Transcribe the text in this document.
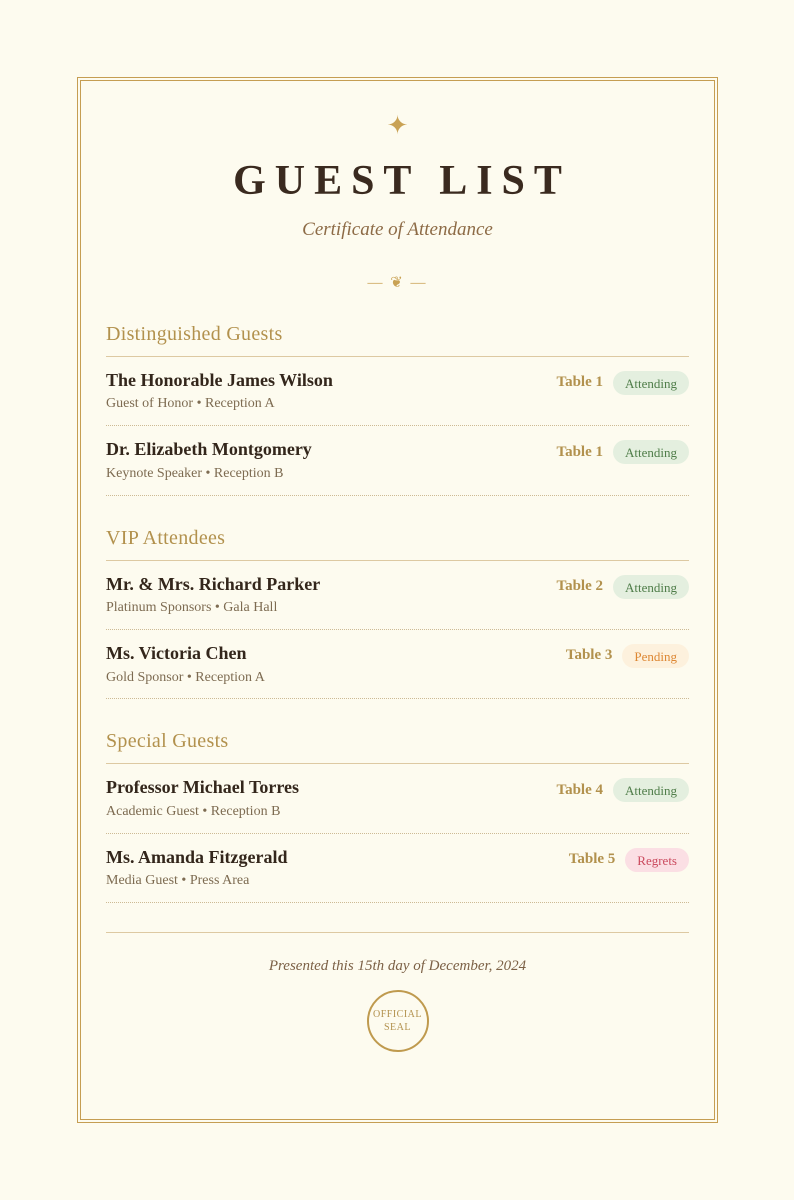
✦
GUEST LIST
Certificate of Attendance
— ❦ —
Distinguished Guests
The Honorable James Wilson
Guest of Honor • Reception A
Table 1	Attending
Dr. Elizabeth Montgomery
Keynote Speaker • Reception B
Table 1	Attending
VIP Attendees
Mr. & Mrs. Richard Parker
Platinum Sponsors • Gala Hall
Table 2	Attending
Ms. Victoria Chen
Gold Sponsor • Reception A
Table 3	Pending
Special Guests
Professor Michael Torres
Academic Guest • Reception B
Table 4	Attending
Ms. Amanda Fitzgerald
Media Guest • Press Area
Table 5	Regrets
Presented this 15th day of December, 2024
OFFICIAL
SEAL
